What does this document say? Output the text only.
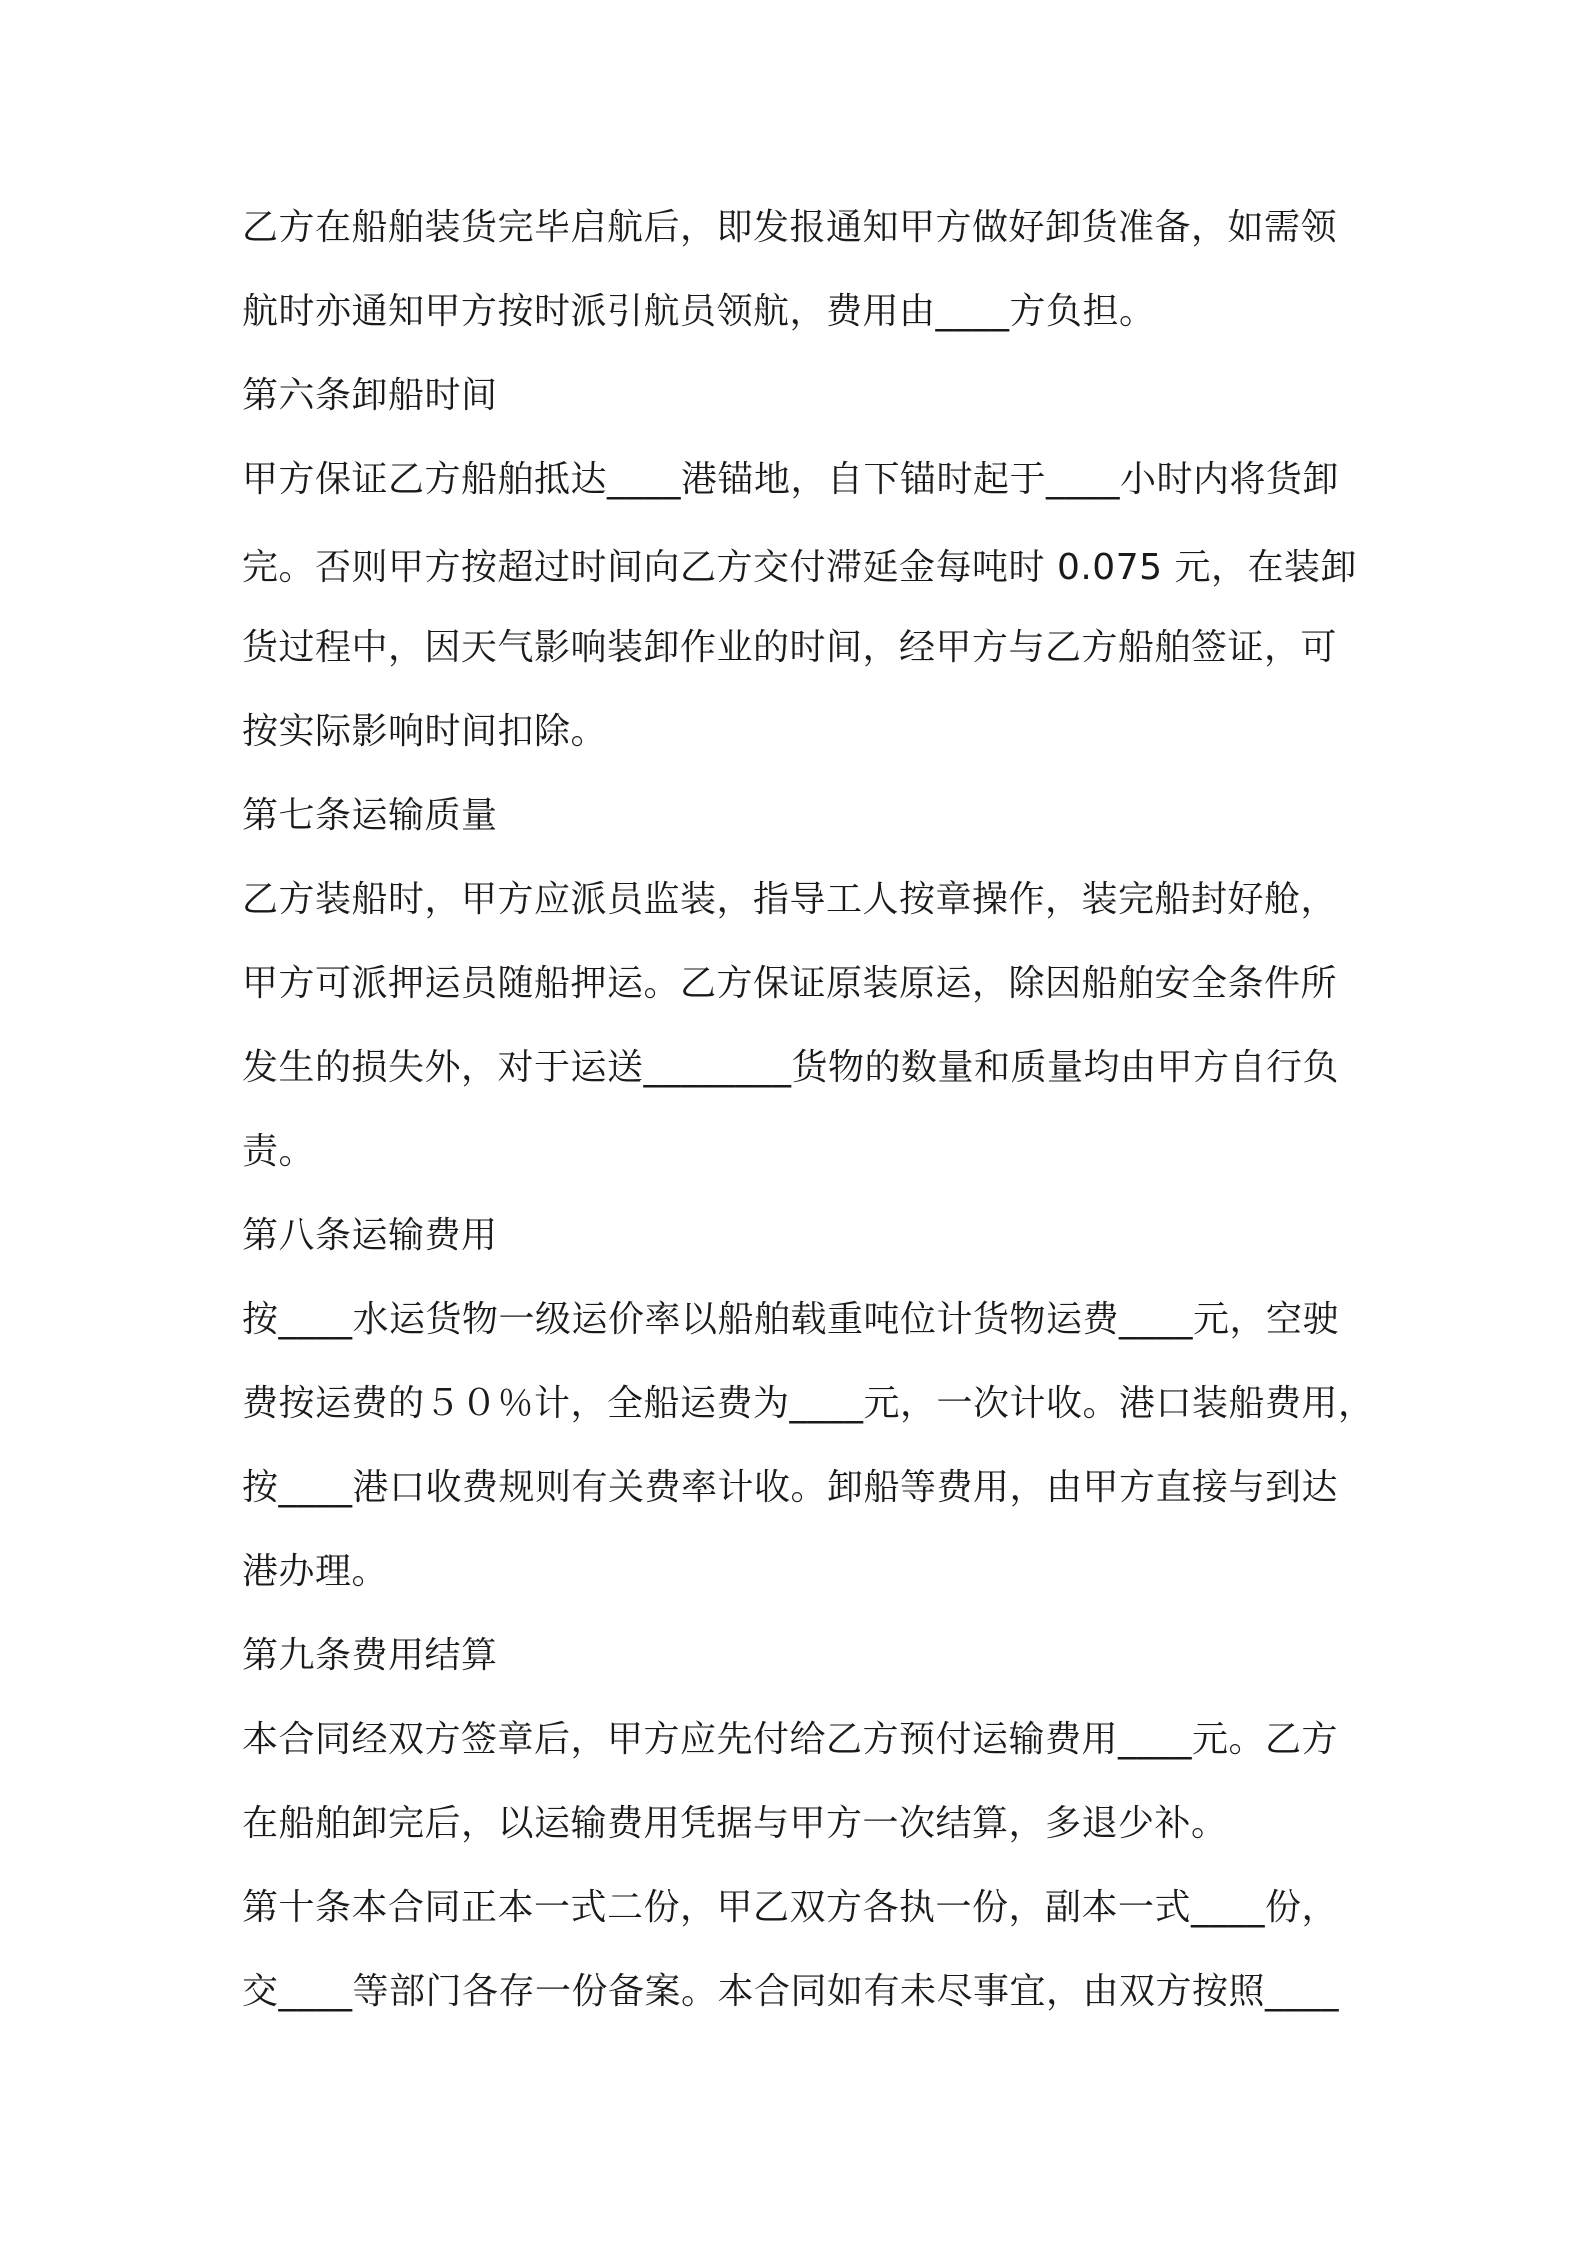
乙方在船舶装货完毕启航后，即发报通知甲方做好卸货准备，如需领
航时亦通知甲方按时派引航员领航，费用由____方负担。
第六条卸船时间
甲方保证乙方船舶抵达____港锚地，自下锚时起于____小时内将货卸
完。否则甲方按超过时间向乙方交付滞延金每吨时 0.075 元，在装卸
货过程中，因天气影响装卸作业的时间，经甲方与乙方船舶签证，可
按实际影响时间扣除。
第七条运输质量
乙方装船时，甲方应派员监装，指导工人按章操作，装完船封好舱，
甲方可派押运员随船押运。乙方保证原装原运，除因船舶安全条件所
发生的损失外，对于运送________货物的数量和质量均由甲方自行负
责。
第八条运输费用
按____水运货物一级运价率以船舶载重吨位计货物运费____元，空驶
费按运费的５０％计，全船运费为____元，一次计收。港口装船费用，
按____港口收费规则有关费率计收。卸船等费用，由甲方直接与到达
港办理。
第九条费用结算
本合同经双方签章后，甲方应先付给乙方预付运输费用____元。乙方
在船舶卸完后，以运输费用凭据与甲方一次结算，多退少补。
第十条本合同正本一式二份，甲乙双方各执一份，副本一式____份，
交____等部门各存一份备案。本合同如有未尽事宜，由双方按照____
